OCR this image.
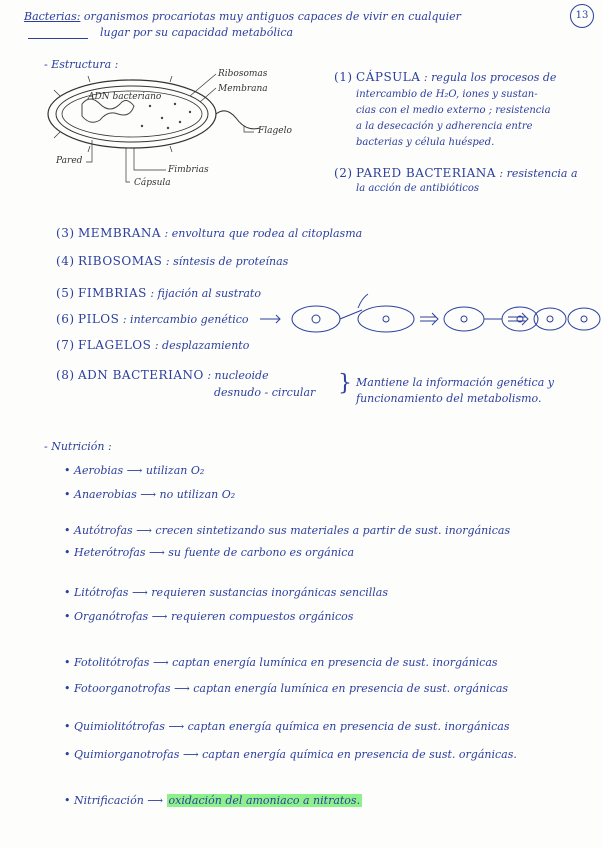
13
Bacterias: organismos procariotas muy antiguos capaces de vivir en cualquier
lugar por su capacidad metabólica
- Estructura :
ADN bacteriano
Ribosomas
Membrana
Flagelo
Pared
Fimbrias
Cápsula
(1) CÁPSULA : regula los procesos de
intercambio de H₂O, iones y sustan-
cias con el medio externo ; resistencia
a la desecación y adherencia entre
bacterias y célula huésped.
(2) PARED BACTERIANA : resistencia a
la acción de antibióticos
(3) MEMBRANA : envoltura que rodea al citoplasma
(4) RIBOSOMAS : síntesis de proteínas
(5) FIMBRIAS : fijación al sustrato
(6) PILOS : intercambio genético
(7) FLAGELOS : desplazamiento
(8) ADN BACTERIANO : nucleoide
desnudo - circular } Mantiene la información genética y
funcionamiento del metabolismo.
- Nutrición :
• Aerobias ⟶ utilizan O₂
• Anaerobias ⟶ no utilizan O₂
• Autótrofas ⟶ crecen sintetizando sus materiales a partir de sust. inorgánicas
• Heterótrofas ⟶ su fuente de carbono es orgánica
• Litótrofas ⟶ requieren sustancias inorgánicas sencillas
• Organótrofas ⟶ requieren compuestos orgánicos
• Fotolitótrofas ⟶ captan energía lumínica en presencia de sust. inorgánicas
• Fotoorganotrofas ⟶ captan energía lumínica en presencia de sust. orgánicas
• Quimiolitótrofas ⟶ captan energía química en presencia de sust. inorgánicas
• Quimiorganotrofas ⟶ captan energía química en presencia de sust. orgánicas.
• Nitrificación ⟶ oxidación del amoniaco a nitratos.
